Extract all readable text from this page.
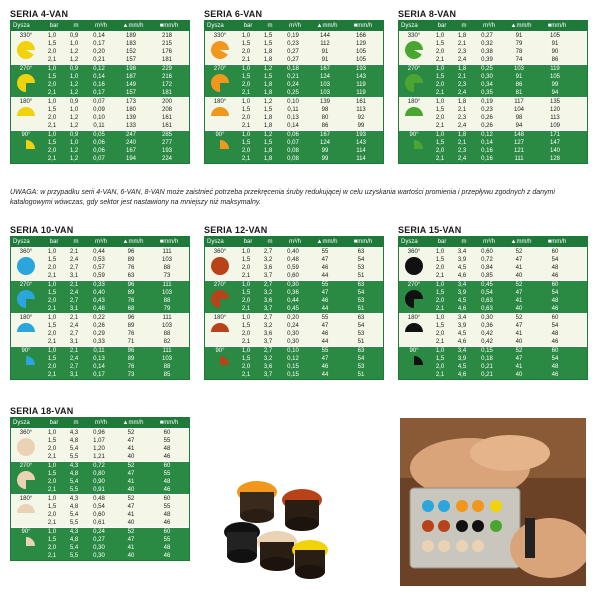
SERIA 4-VAN
Dysza	bar	m	m³/h	▲mm/h	■mm/h
330°	1,0	0,9	0,14	189	218
1,5	1,0	0,17	183	215
2,0	1,2	0,20	152	176
2,1	1,2	0,21	157	181
270°	1,0	0,9	0,12	198	229
1,5	1,0	0,14	187	216
2,0	1,2	0,16	149	172
2,1	1,2	0,17	157	181
180°	1,0	0,9	0,07	173	200
1,5	1,0	0,09	180	208
2,0	1,2	0,10	139	161
2,1	1,2	0,11	133	161
90°	1,0	0,9	0,05	247	285
1,5	1,0	0,06	240	277
2,0	1,2	0,06	167	193
2,1	1,2	0,07	194	224
SERIA 6-VAN
Dysza	bar	m	m³/h	▲mm/h	■mm/h
330°	1,0	1,5	0,19	144	166
1,5	1,5	0,23	112	129
2,0	1,8	0,27	91	105
2,1	1,8	0,27	91	105
270°	1,0	1,2	0,18	167	193
1,5	1,5	0,21	124	143
2,0	1,8	0,24	103	119
2,1	1,8	0,25	103	119
180°	1,0	1,2	0,10	139	161
1,5	1,5	0,11	98	113
2,0	1,8	0,13	80	92
2,1	1,8	0,14	86	99
90°	1,0	1,2	0,06	167	193
1,5	1,5	0,07	124	143
2,0	1,8	0,08	99	114
2,1	1,8	0,08	99	114
SERIA 8-VAN
Dysza	bar	m	m³/h	▲mm/h	■mm/h
330°	1,0	1,8	0,27	91	105
1,5	2,1	0,32	79	91
2,0	2,3	0,38	78	90
2,1	2,4	0,39	74	86
270°	1,0	1,8	0,25	103	119
1,5	2,1	0,30	91	105
2,0	2,3	0,34	86	99
2,1	2,4	0,35	81	94
180°	1,0	1,8	0,19	117	135
1,5	2,1	0,23	104	120
2,0	2,3	0,26	98	113
2,1	2,4	0,26	94	109
90°	1,0	1,8	0,12	148	171
1,5	2,1	0,14	127	147
2,0	2,3	0,16	121	140
2,1	2,4	0,16	111	128
SERIA 10-VAN
Dysza	bar	m	m³/h	▲mm/h	■mm/h
360°	1,0	2,1	0,44	96	111
1,5	2,4	0,53	89	103
2,0	2,7	0,57	76	88
2,1	3,1	0,59	63	73
270°	1,0	2,1	0,33	96	111
1,5	2,4	0,40	89	103
2,0	2,7	0,43	76	88
2,1	3,1	0,48	68	79
180°	1,0	2,1	0,22	96	111
1,5	2,4	0,26	89	103
2,0	2,7	0,29	76	88
2,1	3,1	0,33	71	82
90°	1,0	2,1	0,11	96	111
1,5	2,4	0,13	89	103
2,0	2,7	0,14	76	88
2,1	3,1	0,17	73	85
SERIA 12-VAN
Dysza	bar	m	m³/h	▲mm/h	■mm/h
360°	1,0	2,7	0,40	55	63
1,5	3,2	0,48	47	54
2,0	3,6	0,59	46	53
2,1	3,7	0,60	44	51
270°	1,0	2,7	0,30	55	63
1,5	3,2	0,36	47	54
2,0	3,6	0,44	46	53
2,1	3,7	0,45	44	51
180°	1,0	2,7	0,20	55	63
1,5	3,2	0,24	47	54
2,0	3,6	0,30	46	53
2,1	3,7	0,30	44	51
90°	1,0	2,7	0,10	55	63
1,5	3,2	0,12	47	54
2,0	3,6	0,15	46	53
2,1	3,7	0,15	44	51
SERIA 15-VAN
Dysza	bar	m	m³/h	▲mm/h	■mm/h
360°	1,0	3,4	0,60	52	60
1,5	3,9	0,72	47	54
2,0	4,5	0,84	41	48
2,1	4,6	0,85	40	46
270°	1,0	3,4	0,45	52	60
1,5	3,9	0,54	47	54
2,0	4,5	0,63	41	48
2,1	4,6	0,63	40	46
180°	1,0	3,4	0,30	52	60
1,5	3,9	0,36	47	54
2,0	4,5	0,42	41	48
2,1	4,6	0,42	40	46
90°	1,0	3,4	0,15	52	60
1,5	3,9	0,18	47	54
2,0	4,5	0,21	41	48
2,1	4,6	0,21	40	46
SERIA 18-VAN
Dysza	bar	m	m³/h	▲mm/h	■mm/h
360°	1,0	4,3	0,96	52	60
1,5	4,8	1,07	47	55
2,0	5,4	1,20	41	48
2,1	5,5	1,21	40	46
270°	1,0	4,3	0,72	52	60
1,5	4,8	0,80	47	55
2,0	5,4	0,90	41	48
2,1	5,5	0,91	40	46
180°	1,0	4,3	0,48	52	60
1,5	4,8	0,54	47	55
2,0	5,4	0,60	41	48
2,1	5,5	0,61	40	46
90°	1,0	4,3	0,24	52	60
1,5	4,8	0,27	47	55
2,0	5,4	0,30	41	48
2,1	5,5	0,30	40	46
UWAGA: w przypadku serii 4-VAN, 6-VAN, 8-VAN może zaistnieć potrzeba przekręcenia śruby redukującej w celu uzyskania wartości promienia i przepływu zgodnych z danymi katalogowymi wówczas, gdy sektor jest nastawiony na mniejszy niż maksymalny.
